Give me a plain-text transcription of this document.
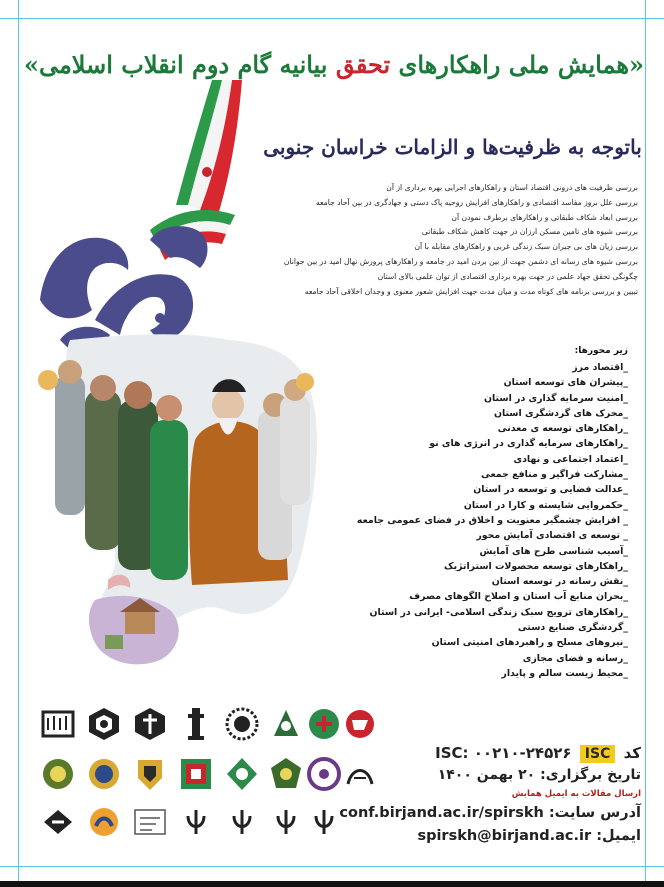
«همایش ملی راهکارهای تحقق بیانیه گام دوم انقلاب اسلامی»
باتوجه به ظرفیت‌ها و الزامات خراسان جنوبی
بررسی ظرفیت های درونی اقتصاد استان و راهکارهای اجرایی بهره برداری از آن
بررسی علل بروز مفاسد اقتصادی و راهکارهای افزایش روحیه پاک دستی و جهادگری در بین آحاد جامعه
بررسی ابعاد شکاف طبقاتی و راهکارهای برطرف نمودن آن
بررسی شیوه های تامین مسکن ارزان در جهت کاهش شکاف طبقاتی
بررسی زیان های بی جبران سبک زندگی غربی و راهکارهای مقابله با آن
بررسی شیوه های رسانه ای دشمن جهت از بین بردن امید در جامعه و راهکارهای پرورش نهال امید در بین جوانان
چگونگی تحقق جهاد علمی در جهت بهره برداری اقتصادی از توان علمی بالای استان
تبیین و بررسی برنامه های کوتاه مدت و میان مدت جهت افزایش شعور معنوی و وجدان اخلاقی آحاد جامعه
زیر محورها:
_اقتصاد مرز
_پیشران های توسعه استان
_امنیت سرمایه گذاری در استان
_محرک های گردشگری استان
_راهکارهای توسعه ی معدنی
_راهکارهای سرمایه گذاری در انرژی های نو
_اعتماد اجتماعی و نهادی
_مشارکت فراگیر و منافع جمعی
_عدالت فضایی و توسعه در استان
_حکمروایی شایسته و کارا در استان
_ افزایش چشمگیر معنویت و اخلاق در فضای عمومی جامعه
_ توسعه ی اقتصادی آمایش محور
_آسیب شناسی طرح های آمایش
_راهکارهای توسعه محصولات استراتژیک
_نقش رسانه در توسعه استان
_بحران منابع آب استان و اصلاح الگوهای مصرف
_راهکارهای ترویج سبک زندگی اسلامی- ایرانی در استان
_گردشگری صنایع دستی
_نیروهای مسلح و راهبردهای امنیتی استان
_رسانه و فضای مجازی
_محیط زیست سالم و پایدار
کد ISC ISC: ۰۰۲۱۰-۲۴۵۲۶
تاریخ برگزاری: ۲۰ بهمن ۱۴۰۰
ارسال مقالات به ایمیل همایش
آدرس سایت: conf.birjand.ac.ir/spirskh
ایمیل: spirskh@birjand.ac.ir
